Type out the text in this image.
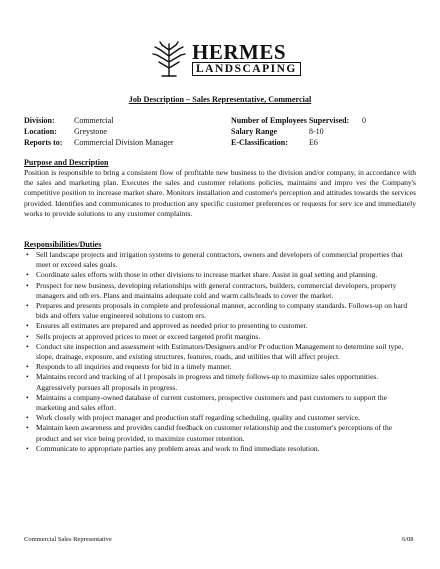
HERMES
LANDSCAPING
Job Description – Sales Representative, Commercial
Division: Commercial
Location: Greystone
Reports to: Commercial Division Manager
Number of Employees Supervised: 0
Salary Range	8-10
E-Classification:	E6
Purpose and Description
Position is responsible to bring a consistent flow of profitable new business to the division and/or company, in accordance with the sales and marketing plan. Executes the sales and customer relations policies, maintains and impro ves the Company's competitive position to increase market share. Monitors installation and customer's perception and attitudes towards the services provided. Identifies and communicates to production any specific customer preferences or requests for serv ice and immediately works to provide solutions to any customer complaints.
Responsibilities/Duties
• Sell landscape projects and irrigation systems to general contractors, owners and developers of commercial properties that meet or exceed sales goals.
• Coordinate sales efforts with those in other divisions to increase market share. Assist in goal setting and planning.
• Prospect for new business, developing relationships with general contractors, builders, commercial developers, property managers and oth ers. Plans and maintains adequate cold and warm calls/leads to cover the market.
• Prepares and presents proposals in complete and professional manner, according to company standards. Follows-up on hard bids and offers value engineered solutions to custom ers.
• Ensures all estimates are prepared and approved as needed prior to presenting to customer.
• Sells projects at approved prices to meet or exceed targeted profit margins.
• Conduct site inspection and assessment with Estimators/Designers and/or Pr oduction Management to determine soil type, slope, drainage, exposure, and existing structures, features, roads, and utilities that will affect project.
• Responds to all inquiries and requests for bid in a timely manner.
• Maintains record and tracking of al l proposals in progress and timely follows-up to maximize sales opportunities. Aggressively pursues all proposals in progress.
• Maintains a company-owned database of current customers, prospective customers and past customers to support the marketing and sales effort.
• Work closely with project manager and production staff regarding scheduling, quality and customer service.
• Maintain keen awareness and provides candid feedback on customer relationship and the customer's perceptions of the product and ser vice being provided, to maximize customer retention.
• Communicate to appropriate parties any problem areas and work to find immediate resolution.
Commercial Sales Representative	6/08
